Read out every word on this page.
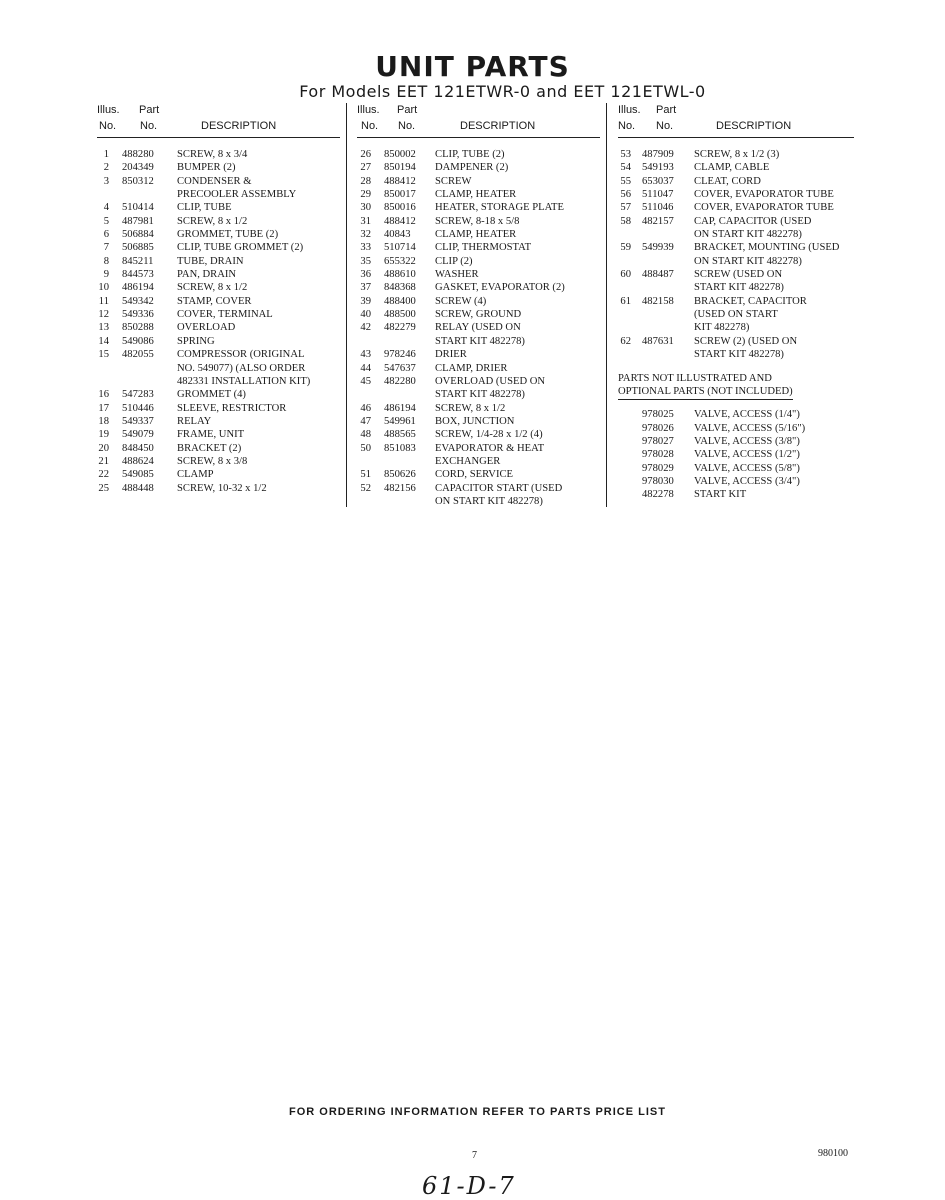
UNIT PARTS
For Models EET 121ETWR-0 and EET 121ETWL-0
Illus. Part
No. No.	DESCRIPTION
1 488280 SCREW, 8 x 3/4
2 204349 BUMPER (2)
3 850312 CONDENSER &
PRECOOLER ASSEMBLY
4 510414 CLIP, TUBE
5 487981 SCREW, 8 x 1/2
6 506884 GROMMET, TUBE (2)
7 506885 CLIP, TUBE GROMMET (2)
8 845211 TUBE, DRAIN
9 844573 PAN, DRAIN
10 486194 SCREW, 8 x 1/2
11 549342 STAMP, COVER
12 549336 COVER, TERMINAL
13 850288 OVERLOAD
14 549086 SPRING
15 482055 COMPRESSOR (ORIGINAL
NO. 549077) (ALSO ORDER
482331 INSTALLATION KIT)
16 547283 GROMMET (4)
17 510446 SLEEVE, RESTRICTOR
18 549337 RELAY
19 549079 FRAME, UNIT
20 848450 BRACKET (2)
21 488624 SCREW, 8 x 3/8
22 549085 CLAMP
25 488448 SCREW, 10-32 x 1/2
Illus. Part
No. No.	DESCRIPTION
26 850002 CLIP, TUBE (2)
27 850194 DAMPENER (2)
28 488412 SCREW
29 850017 CLAMP, HEATER
30 850016 HEATER, STORAGE PLATE
31 488412 SCREW, 8-18 x 5/8
32 40843 CLAMP, HEATER
33 510714 CLIP, THERMOSTAT
35 655322 CLIP (2)
36 488610 WASHER
37 848368 GASKET, EVAPORATOR (2)
39 488400 SCREW (4)
40 488500 SCREW, GROUND
42 482279 RELAY (USED ON
START KIT 482278)
43 978246 DRIER
44 547637 CLAMP, DRIER
45 482280 OVERLOAD (USED ON
START KIT 482278)
46 486194 SCREW, 8 x 1/2
47 549961 BOX, JUNCTION
48 488565 SCREW, 1/4-28 x 1/2 (4)
50 851083 EVAPORATOR & HEAT
EXCHANGER
51 850626 CORD, SERVICE
52 482156 CAPACITOR START (USED
ON START KIT 482278)
Illus. Part
No. No.	DESCRIPTION
53 487909 SCREW, 8 x 1/2 (3)
54 549193 CLAMP, CABLE
55 653037 CLEAT, CORD
56 511047 COVER, EVAPORATOR TUBE
57 511046 COVER, EVAPORATOR TUBE
58 482157 CAP, CAPACITOR (USED
ON START KIT 482278)
59 549939 BRACKET, MOUNTING (USED
ON START KIT 482278)
60 488487 SCREW (USED ON
START KIT 482278)
61 482158 BRACKET, CAPACITOR
(USED ON START
KIT 482278)
62 487631 SCREW (2) (USED ON
START KIT 482278)
PARTS NOT ILLUSTRATED AND
OPTIONAL PARTS (NOT INCLUDED)
978025 VALVE, ACCESS (1/4")
978026 VALVE, ACCESS (5/16")
978027 VALVE, ACCESS (3/8")
978028 VALVE, ACCESS (1/2")
978029 VALVE, ACCESS (5/8")
978030 VALVE, ACCESS (3/4")
482278 START KIT
FOR ORDERING INFORMATION REFER TO PARTS PRICE LIST
7	980100
61-D-7
